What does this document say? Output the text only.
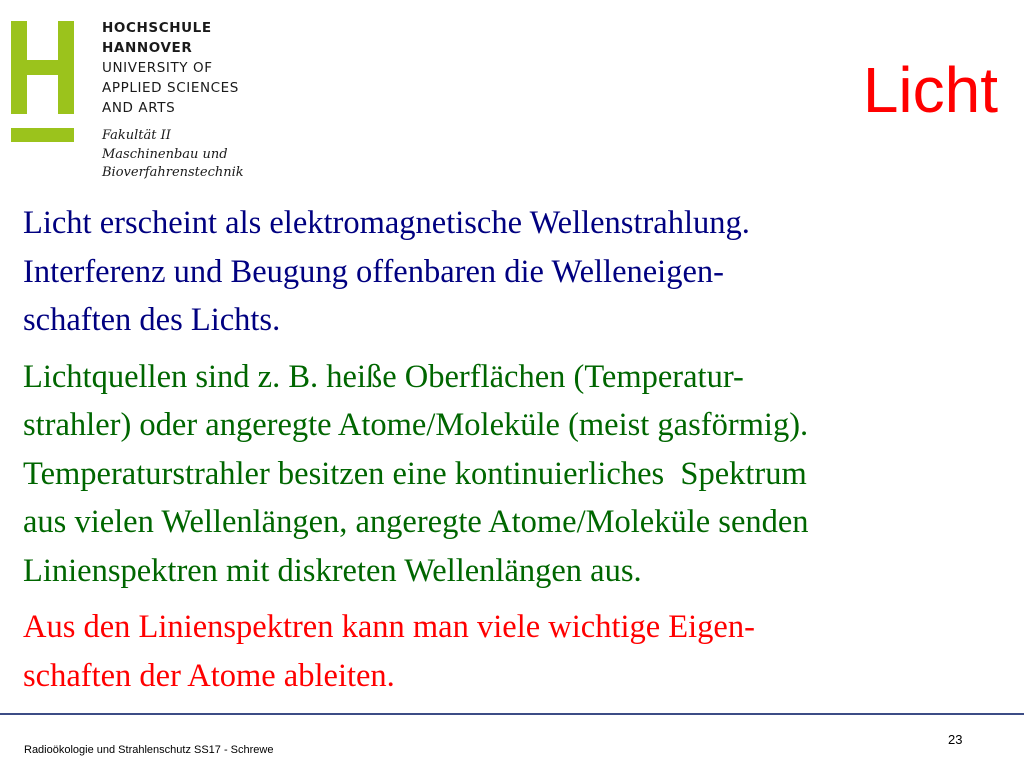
HOCHSCHULE
HANNOVER
UNIVERSITY OF
APPLIED SCIENCES
AND ARTS
Fakultät II
Maschinenbau und
Bioverfahrenstechnik
Licht
Licht erscheint als elektromagnetische Wellenstrahlung.
Interferenz und Beugung offenbaren die Welleneigen-
schaften des Lichts.
Lichtquellen sind z. B. heiße Oberflächen (Temperatur-
strahler) oder angeregte Atome/Moleküle (meist gasförmig).
Temperaturstrahler besitzen eine kontinuierliches  Spektrum
aus vielen Wellenlängen, angeregte Atome/Moleküle senden
Linienspektren mit diskreten Wellenlängen aus.
Aus den Linienspektren kann man viele wichtige Eigen-
schaften der Atome ableiten.
Radioökologie und Strahlenschutz SS17 - Schrewe
23
